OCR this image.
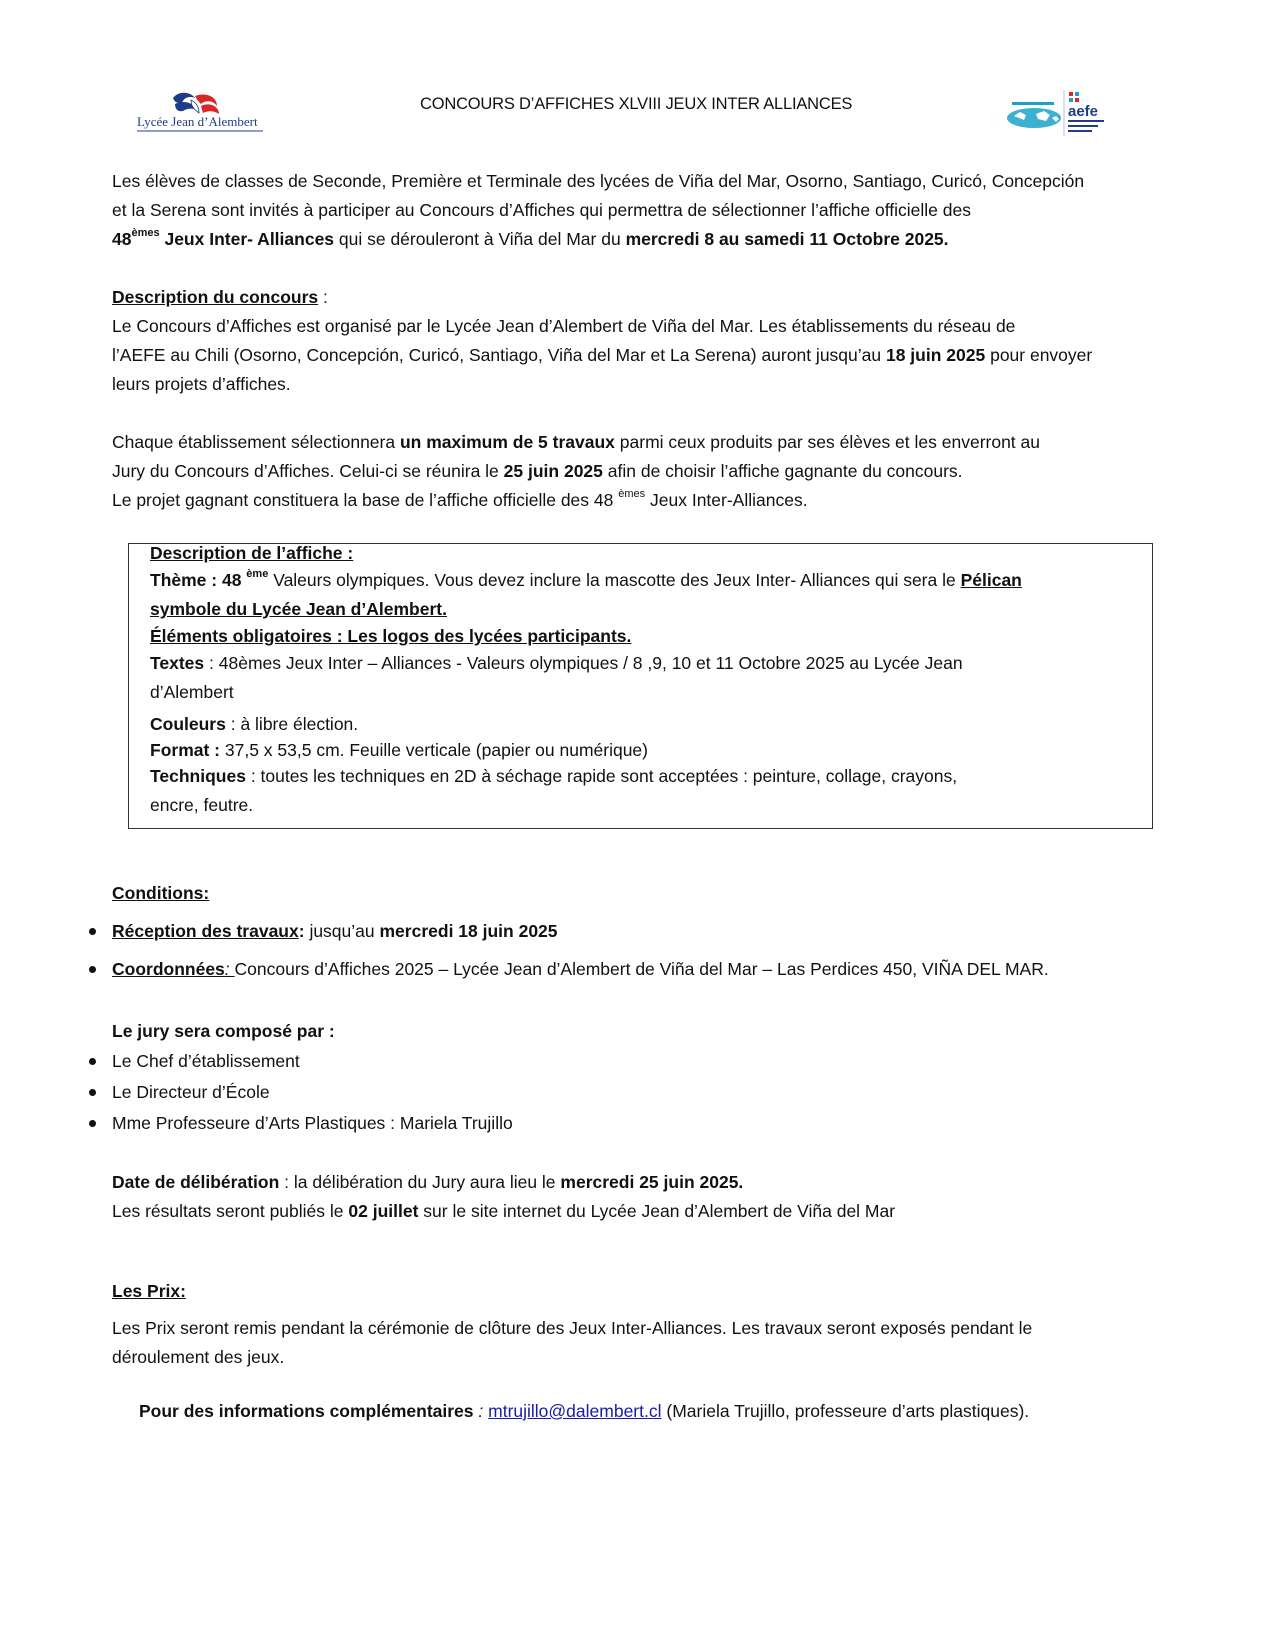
Lycée Jean d’Alembert
CONCOURS D’AFFICHES XLVIII JEUX INTER ALLIANCES	aefe
Les élèves de classes de Seconde, Première et Terminale des lycées de Viña del Mar, Osorno, Santiago, Curicó, Concepción
et la Serena sont invités à participer au Concours d’Affiches qui permettra de sélectionner l’affiche officielle des
48èmes Jeux Inter- Alliances qui se dérouleront à Viña del Mar du mercredi 8 au samedi 11 Octobre 2025.
Description du concours :
Le Concours d’Affiches est organisé par le Lycée Jean d’Alembert de Viña del Mar. Les établissements du réseau de
l’AEFE au Chili (Osorno, Concepción, Curicó, Santiago, Viña del Mar et La Serena) auront jusqu’au 18 juin 2025 pour envoyer
leurs projets d’affiches.
Chaque établissement sélectionnera un maximum de 5 travaux parmi ceux produits par ses élèves et les enverront au
Jury du Concours d’Affiches. Celui-ci se réunira le 25 juin 2025 afin de choisir l’affiche gagnante du concours.
Le projet gagnant constituera la base de l’affiche officielle des 48 $^{èmes}$ Jeux Inter-Alliances.
Description de l’affiche :
Thème : 48 $^{ème}$ Valeurs olympiques. Vous devez inclure la mascotte des Jeux Inter- Alliances qui sera le Pélican
symbole du Lycée Jean d’Alembert.
Éléments obligatoires : Les logos des lycées participants.
Textes : 48èmes Jeux Inter – Alliances - Valeurs olympiques / 8 ,9, 10 et 11 Octobre 2025 au Lycée Jean
d’Alembert
Couleurs : à libre élection.
Format : 37,5 x 53,5 cm. Feuille verticale (papier ou numérique)
Techniques : toutes les techniques en 2D à séchage rapide sont acceptées : peinture, collage, crayons,
encre, feutre.
Conditions:
Réception des travaux: jusqu’au mercredi 18 juin 2025
Coordonnées: Concours d’Affiches 2025 – Lycée Jean d’Alembert de Viña del Mar – Las Perdices 450, VIÑA DEL MAR.
Le jury sera composé par :
Le Chef d’établissement
Le Directeur d’École
Mme Professeure d’Arts Plastiques : Mariela Trujillo
Date de délibération : la délibération du Jury aura lieu le mercredi 25 juin 2025.
Les résultats seront publiés le 02 juillet sur le site internet du Lycée Jean d’Alembert de Viña del Mar
Les Prix:
Les Prix seront remis pendant la cérémonie de clôture des Jeux Inter-Alliances. Les travaux seront exposés pendant le
déroulement des jeux.
Pour des informations complémentaires : mtrujillo@dalembert.cl (Mariela Trujillo, professeure d’arts plastiques).
